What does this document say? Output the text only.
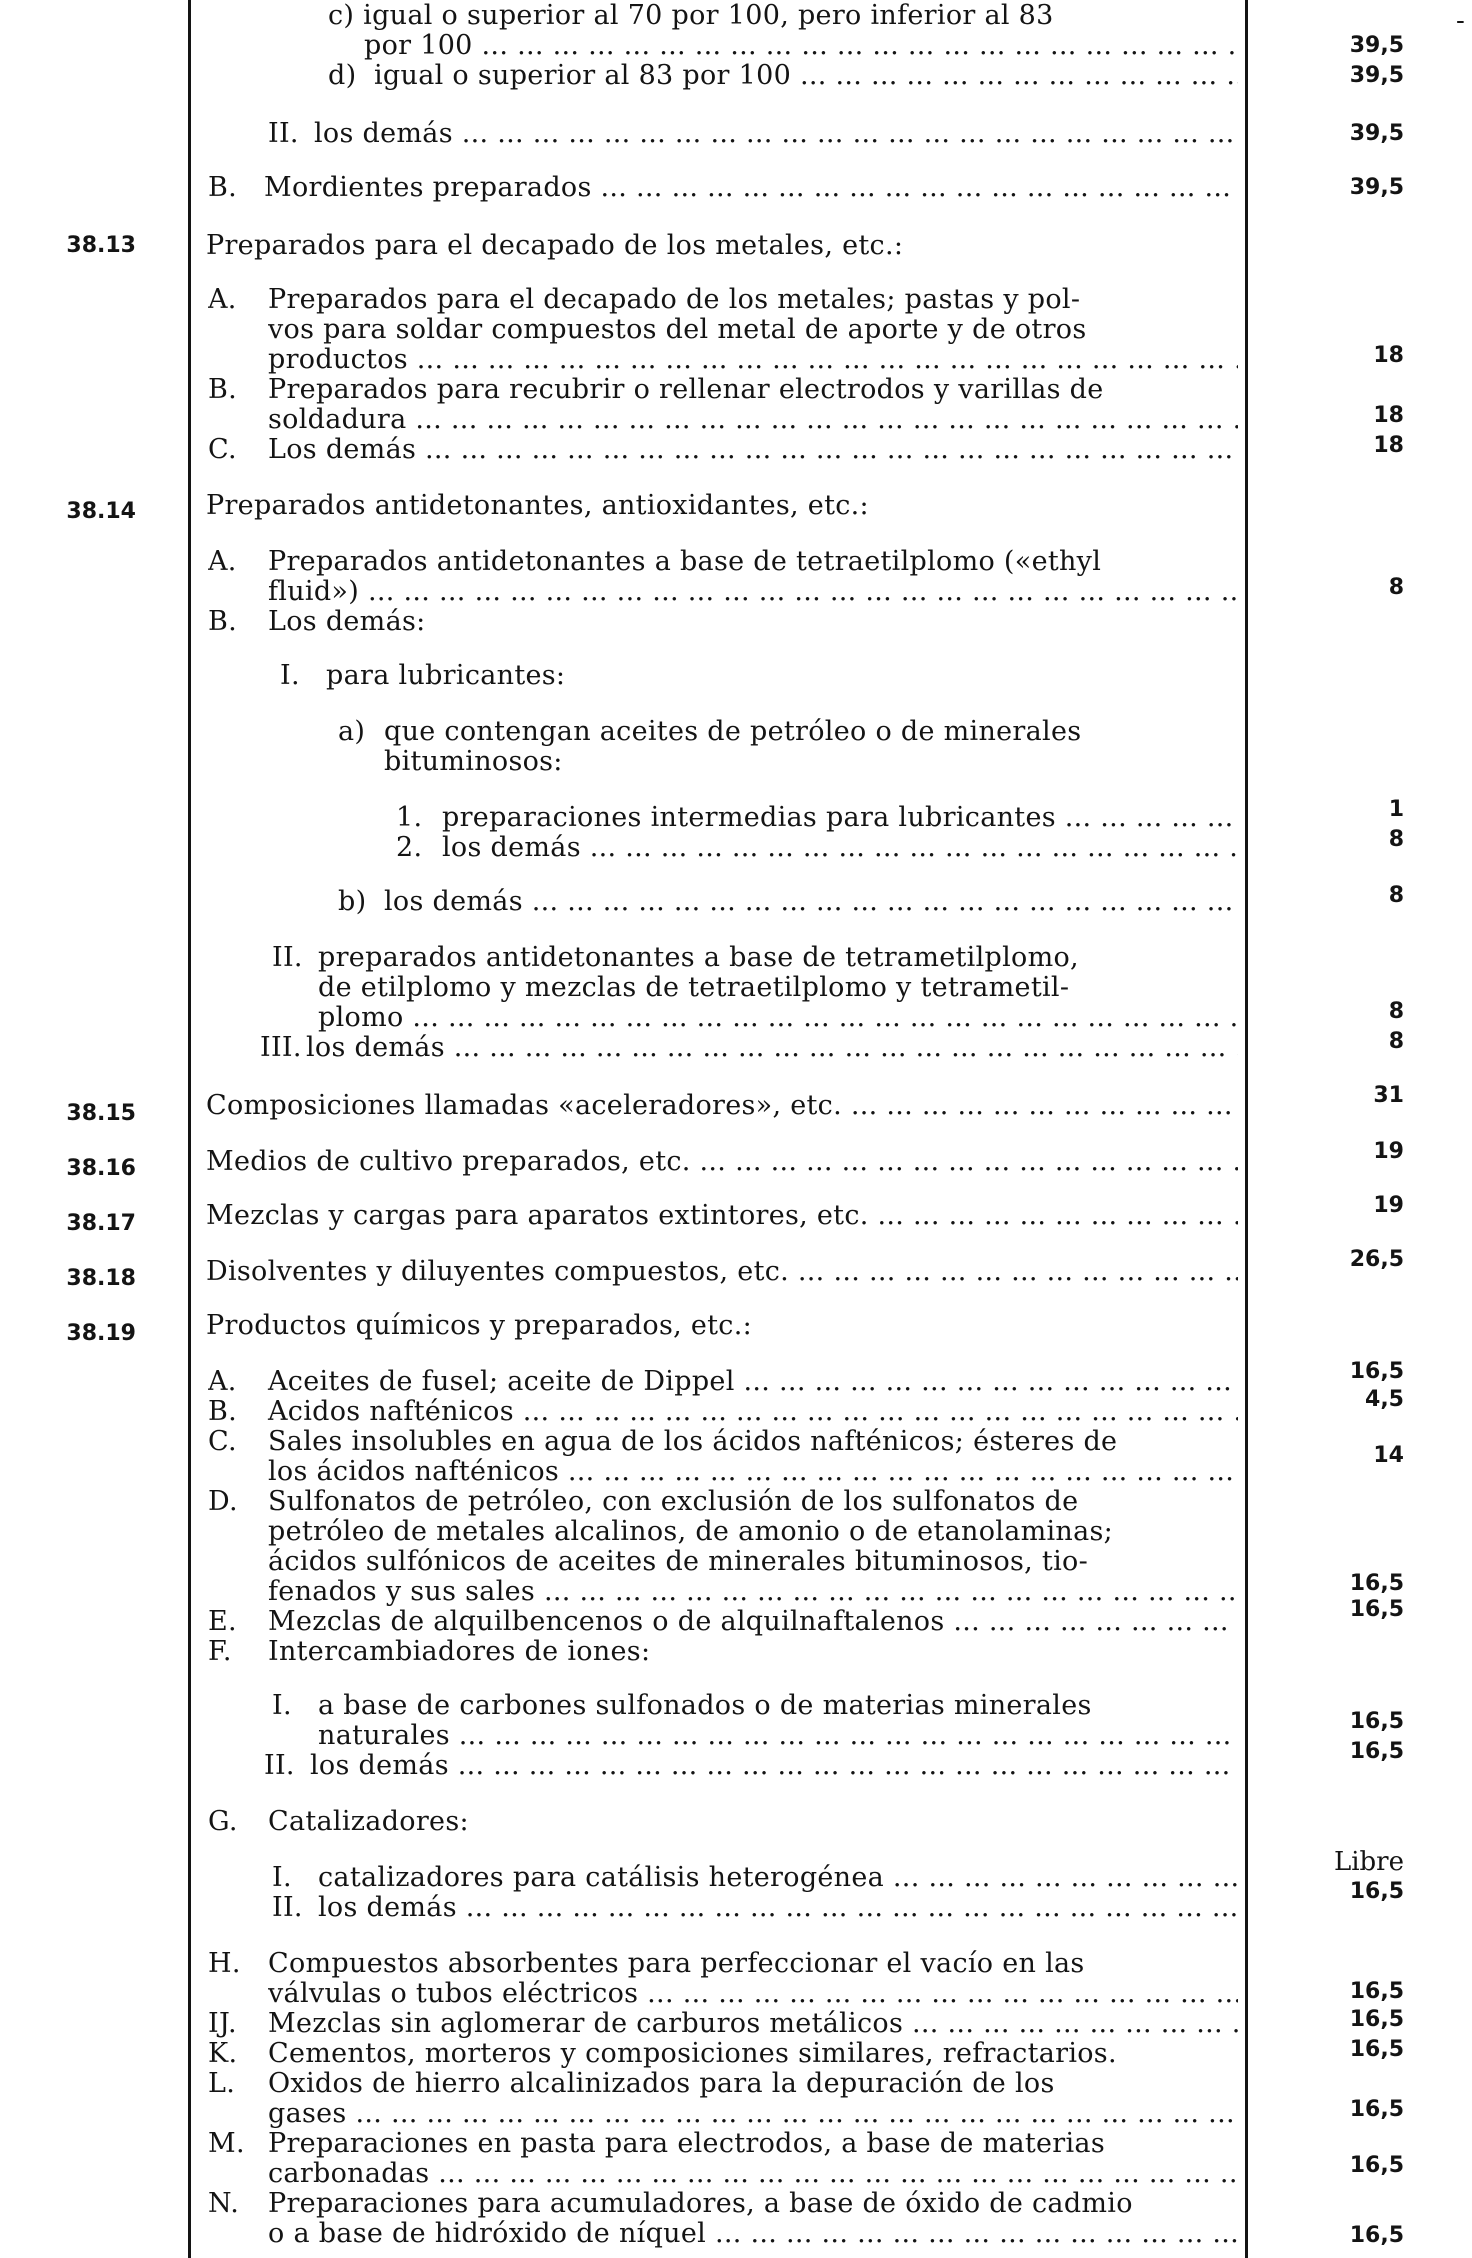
-
38.13
38.14
38.15
38.16
38.17
38.18
38.19
c) igual o superior al 70 por 100, pero inferior al 83
por 100 ... .
d) igual o superior al 83 por 100 ... .
II. los demás ... .
B. Mordientes preparados ... .
Preparados para el decapado de los metales, etc.:
A. Preparados para el decapado de los metales; pastas y pol-
vos para soldar compuestos del metal de aporte y de otros
productos ... .
B. Preparados para recubrir o rellenar electrodos y varillas de
soldadura ... .
C. Los demás ... .
Preparados antidetonantes, antioxidantes, etc.:
A. Preparados antidetonantes a base de tetraetilplomo («ethyl
fluid») ... .
B. Los demás:
I. para lubricantes:
a) que contengan aceites de petróleo o de minerales
bituminosos:
1. preparaciones intermedias para lubricantes ... .
2. los demás ... .
b) los demás ... .
II. preparados antidetonantes a base de tetrametilplomo,
de etilplomo y mezclas de tetraetilplomo y tetrametil-
plomo ... .
III. los demás ... .
Composiciones llamadas «aceleradores», etc. ... .
Medios de cultivo preparados, etc. ... .
Mezclas y cargas para aparatos extintores, etc. ... .
Disolventes y diluyentes compuestos, etc. ... .
Productos químicos y preparados, etc.:
A. Aceites de fusel; aceite de Dippel ... .
B. Acidos nafténicos ... .
C. Sales insolubles en agua de los ácidos nafténicos; ésteres de
los ácidos nafténicos ... .
D. Sulfonatos de petróleo, con exclusión de los sulfonatos de
petróleo de metales alcalinos, de amonio o de etanolaminas;
ácidos sulfónicos de aceites de minerales bituminosos, tio-
fenados y sus sales ... .
E. Mezclas de alquilbencenos o de alquilnaftalenos ... .
F. Intercambiadores de iones:
I. a base de carbones sulfonados o de materias minerales
naturales ... .
II. los demás ... .
G. Catalizadores:
I. catalizadores para catálisis heterogénea ... .
II. los demás ... .
H. Compuestos absorbentes para perfeccionar el vacío en las
válvulas o tubos eléctricos ... .
IJ. Mezclas sin aglomerar de carburos metálicos ... .
K. Cementos, morteros y composiciones similares, refractarios.
L. Oxidos de hierro alcalinizados para la depuración de los
gases ... .
M. Preparaciones en pasta para electrodos, a base de materias
carbonadas ... .
N. Preparaciones para acumuladores, a base de óxido de cadmio
o a base de hidróxido de níquel ... .
39,5
39,5
39,5
39,5
18
18
18
8
1
8
8
8
8
31
19
19
26,5
16,5
4,5
14
16,5
16,5
16,5
16,5
Libre
16,5
16,5
16,5
16,5
16,5
16,5
16,5
